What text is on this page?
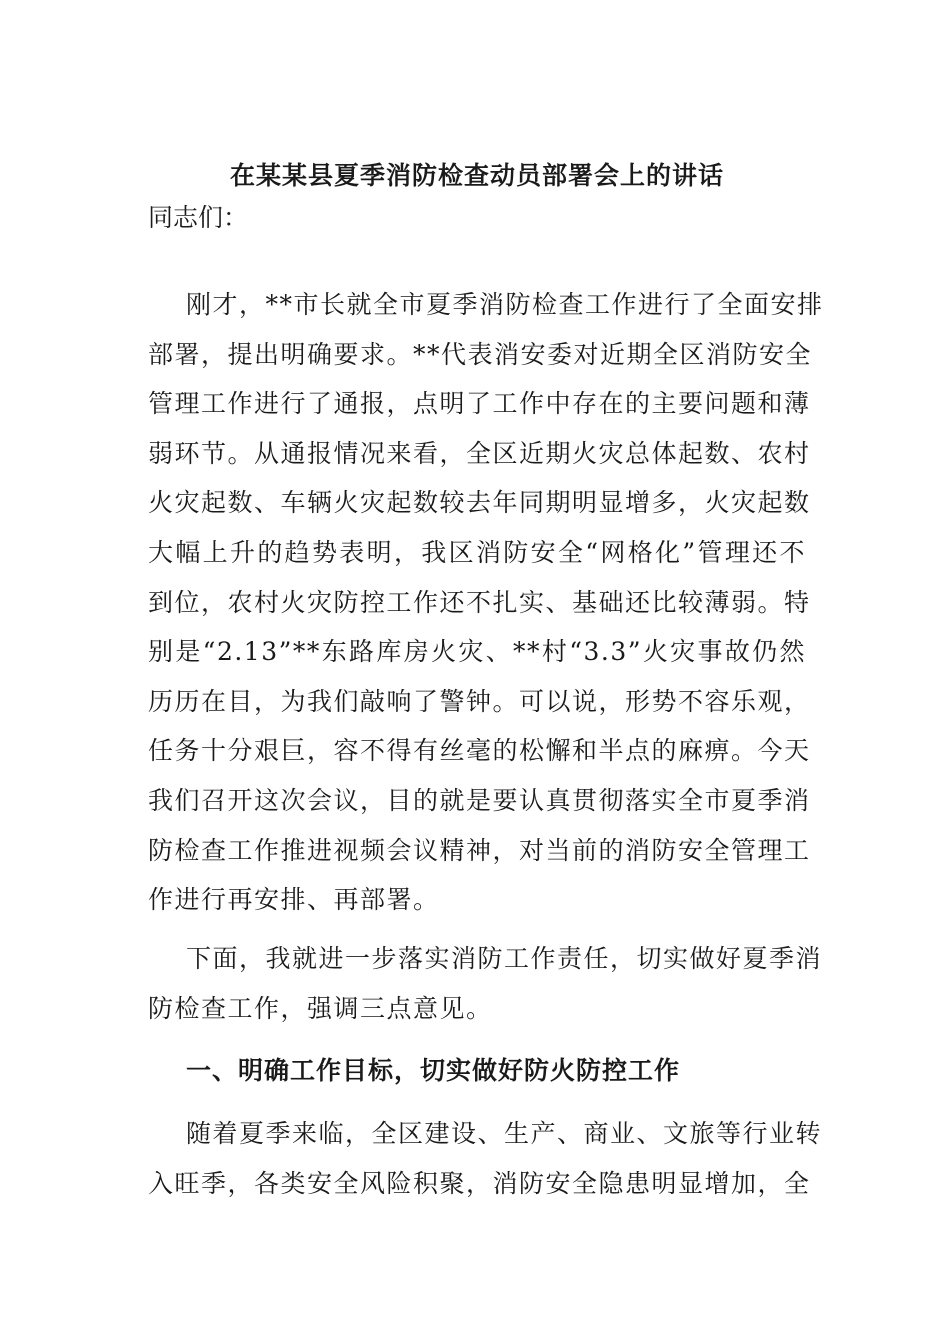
在某某县夏季消防检查动员部署会上的讲话

同志们：

刚才，**市长就全市夏季消防检查工作进行了全面安排
部署，提出明确要求。**代表消安委对近期全区消防安全
管理工作进行了通报，点明了工作中存在的主要问题和薄
弱环节。从通报情况来看，全区近期火灾总体起数、农村
火灾起数、车辆火灾起数较去年同期明显增多，火灾起数
大幅上升的趋势表明，我区消防安全“网格化”管理还不
到位，农村火灾防控工作还不扎实、基础还比较薄弱。特
别是“2.13”**东路库房火灾、**村“3.3”火灾事故仍然
历历在目，为我们敲响了警钟。可以说，形势不容乐观，
任务十分艰巨，容不得有丝毫的松懈和半点的麻痹。今天
我们召开这次会议，目的就是要认真贯彻落实全市夏季消
防检查工作推进视频会议精神，对当前的消防安全管理工
作进行再安排、再部署。
下面，我就进一步落实消防工作责任，切实做好夏季消
防检查工作，强调三点意见。
一、明确工作目标，切实做好防火防控工作
随着夏季来临，全区建设、生产、商业、文旅等行业转
入旺季，各类安全风险积聚，消防安全隐患明显增加，全
